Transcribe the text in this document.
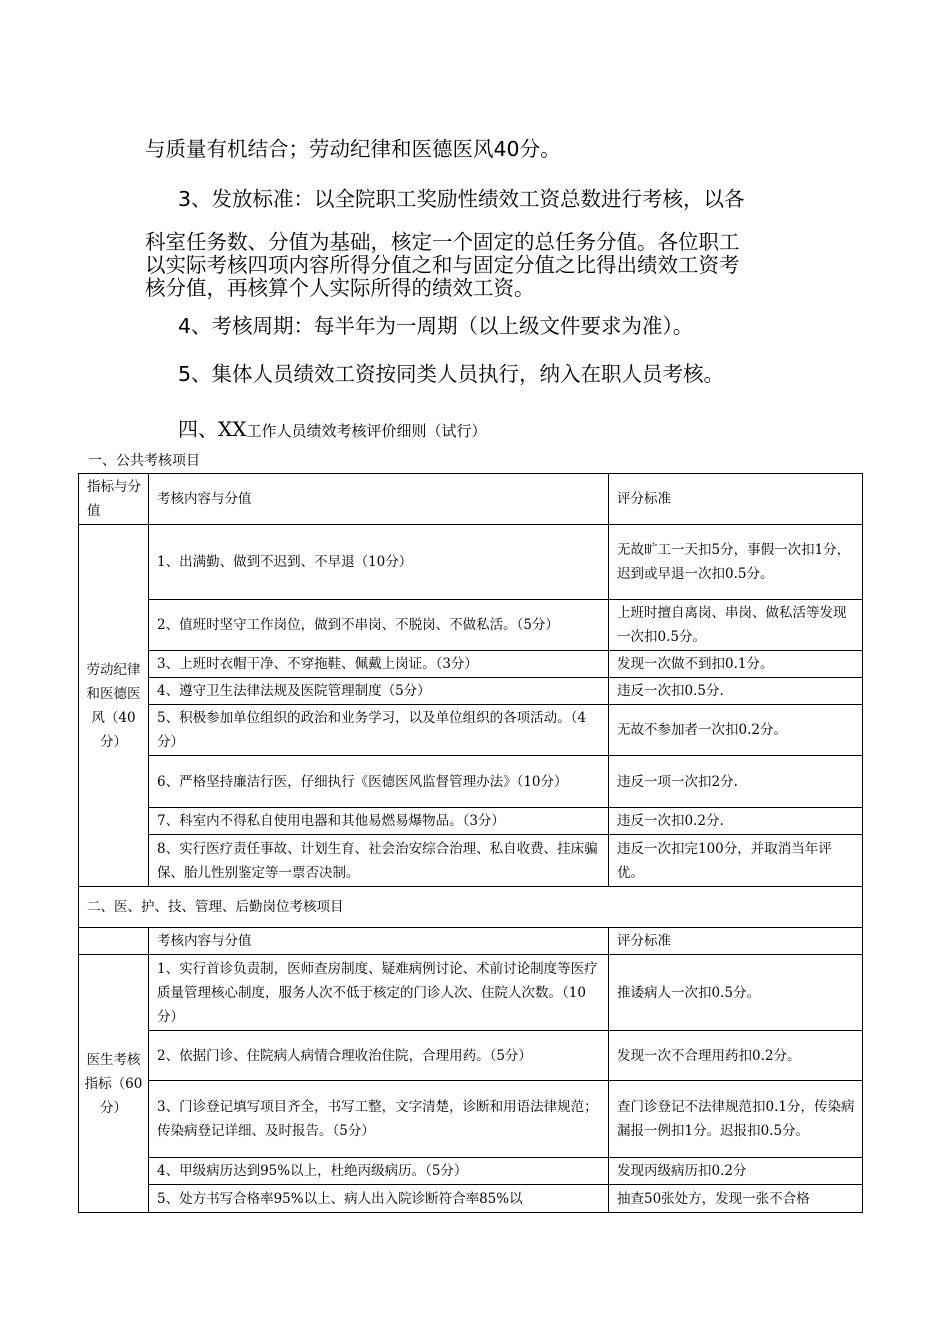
与质量有机结合；劳动纪律和医德医风40分。

3、发放标准：以全院职工奖励性绩效工资总数进行考核，以各

科室任务数、分值为基础，核定一个固定的总任务分值。各位职工

以实际考核四项内容所得分值之和与固定分值之比得出绩效工资考

核分值，再核算个人实际所得的绩效工资。

4、考核周期：每半年为一周期（以上级文件要求为准）。

5、集体人员绩效工资按同类人员执行，纳入在职人员考核。

四、XX工作人员绩效考核评价细则（试行）
一、公共考核项目
指标与分值	考核内容与分值	评分标准
劳动纪律和医德医风（40分）	1、出满勤、做到不迟到、不早退（10分）	无故旷工一天扣5分，事假一次扣1分，迟到或早退一次扣0.5分。
	2、值班时坚守工作岗位，做到不串岗、不脱岗、不做私活。（5分）	上班时擅自离岗、串岗、做私活等发现一次扣0.5分。
	3、上班时衣帽干净、不穿拖鞋、佩戴上岗证。（3分）	发现一次做不到扣0.1分。
	4、遵守卫生法律法规及医院管理制度（5分）	违反一次扣0.5分.
	5、积极参加单位组织的政治和业务学习，以及单位组织的各项活动。（4分）	无故不参加者一次扣0.2分。
	6、严格坚持廉洁行医，仔细执行《医德医风监督管理办法》（10分）	违反一项一次扣2分.
	7、科室内不得私自使用电器和其他易燃易爆物品。（3分）	违反一次扣0.2分.
	8、实行医疗责任事故、计划生育、社会治安综合治理、私自收费、挂床骗保、胎儿性别鉴定等一票否决制。	违反一次扣完100分，并取消当年评优。
二、医、护、技、管理、后勤岗位考核项目		
	考核内容与分值	评分标准
医生考核指标（60分）	1、实行首诊负责制，医师查房制度、疑难病例讨论、术前讨论制度等医疗质量管理核心制度，服务人次不低于核定的门诊人次、住院人次数。（10分）	推诿病人一次扣0.5分。
	2、依据门诊、住院病人病情合理收治住院，合理用药。（5分）	发现一次不合理用药扣0.2分。
	3、门诊登记填写项目齐全，书写工整，文字清楚，诊断和用语法律规范；传染病登记详细、及时报告。（5分）	查门诊登记不法律规范扣0.1分，传染病漏报一例扣1分。迟报扣0.5分。
	4、甲级病历达到95%以上，杜绝丙级病历。（5分）	发现丙级病历扣0.2分
	5、处方书写合格率95%以上、病人出入院诊断符合率85%以	抽查50张处方，发现一张不合格
